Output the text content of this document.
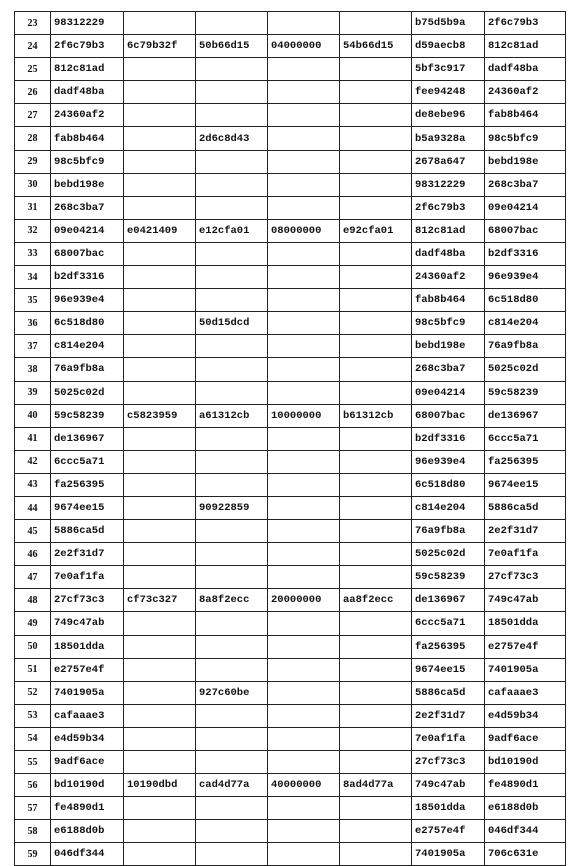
23	98312229					b75d5b9a	2f6c79b3
24	2f6c79b3	6c79b32f	50b66d15	04000000	54b66d15	d59aecb8	812c81ad
25	812c81ad					5bf3c917	dadf48ba
26	dadf48ba					fee94248	24360af2
27	24360af2					de8ebe96	fab8b464
28	fab8b464		2d6c8d43			b5a9328a	98c5bfc9
29	98c5bfc9					2678a647	bebd198e
30	bebd198e					98312229	268c3ba7
31	268c3ba7					2f6c79b3	09e04214
32	09e04214	e0421409	e12cfa01	08000000	e92cfa01	812c81ad	68007bac
33	68007bac					dadf48ba	b2df3316
34	b2df3316					24360af2	96e939e4
35	96e939e4					fab8b464	6c518d80
36	6c518d80		50d15dcd			98c5bfc9	c814e204
37	c814e204					bebd198e	76a9fb8a
38	76a9fb8a					268c3ba7	5025c02d
39	5025c02d					09e04214	59c58239
40	59c58239	c5823959	a61312cb	10000000	b61312cb	68007bac	de136967
41	de136967					b2df3316	6ccc5a71
42	6ccc5a71					96e939e4	fa256395
43	fa256395					6c518d80	9674ee15
44	9674ee15		90922859			c814e204	5886ca5d
45	5886ca5d					76a9fb8a	2e2f31d7
46	2e2f31d7					5025c02d	7e0af1fa
47	7e0af1fa					59c58239	27cf73c3
48	27cf73c3	cf73c327	8a8f2ecc	20000000	aa8f2ecc	de136967	749c47ab
49	749c47ab					6ccc5a71	18501dda
50	18501dda					fa256395	e2757e4f
51	e2757e4f					9674ee15	7401905a
52	7401905a		927c60be			5886ca5d	cafaaae3
53	cafaaae3					2e2f31d7	e4d59b34
54	e4d59b34					7e0af1fa	9adf6ace
55	9adf6ace					27cf73c3	bd10190d
56	bd10190d	10190dbd	cad4d77a	40000000	8ad4d77a	749c47ab	fe4890d1
57	fe4890d1					18501dda	e6188d0b
58	e6188d0b					e2757e4f	046df344
59	046df344					7401905a	706c631e
